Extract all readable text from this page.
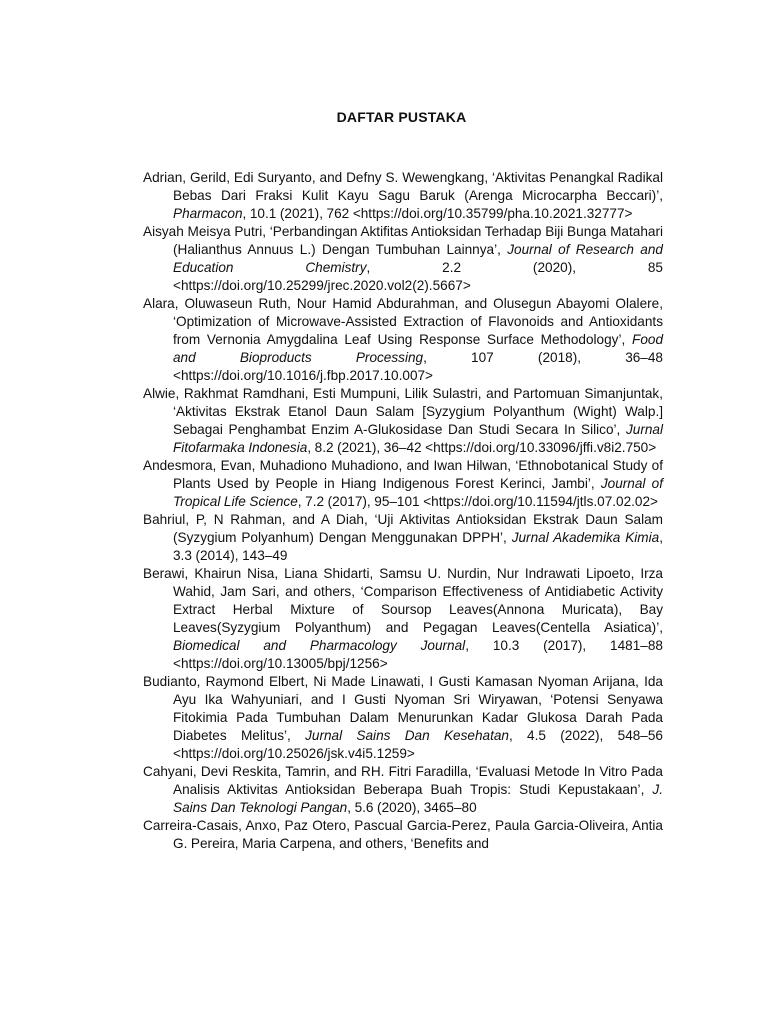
DAFTAR PUSTAKA

Adrian, Gerild, Edi Suryanto, and Defny S. Wewengkang, ‘Aktivitas Penangkal Radikal Bebas Dari Fraksi Kulit Kayu Sagu Baruk (Arenga Microcarpha Beccari)’, Pharmacon, 10.1 (2021), 762 <https://doi.org/10.35799/pha.10.2021.32777>

Aisyah Meisya Putri, ‘Perbandingan Aktifitas Antioksidan Terhadap Biji Bunga Matahari (Halianthus Annuus L.) Dengan Tumbuhan Lainnya’, Journal of Research and Education Chemistry, 2.2 (2020), 85 <https://doi.org/10.25299/jrec.2020.vol2(2).5667>

Alara, Oluwaseun Ruth, Nour Hamid Abdurahman, and Olusegun Abayomi Olalere, ‘Optimization of Microwave-Assisted Extraction of Flavonoids and Antioxidants from Vernonia Amygdalina Leaf Using Response Surface Methodology’, Food and Bioproducts Processing, 107 (2018), 36–48 <https://doi.org/10.1016/j.fbp.2017.10.007>

Alwie, Rakhmat Ramdhani, Esti Mumpuni, Lilik Sulastri, and Partomuan Simanjuntak, ‘Aktivitas Ekstrak Etanol Daun Salam [Syzygium Polyanthum (Wight) Walp.] Sebagai Penghambat Enzim A-Glukosidase Dan Studi Secara In Silico’, Jurnal Fitofarmaka Indonesia, 8.2 (2021), 36–42 <https://doi.org/10.33096/jffi.v8i2.750>

Andesmora, Evan, Muhadiono Muhadiono, and Iwan Hilwan, ‘Ethnobotanical Study of Plants Used by People in Hiang Indigenous Forest Kerinci, Jambi’, Journal of Tropical Life Science, 7.2 (2017), 95–101 <https://doi.org/10.11594/jtls.07.02.02>

Bahriul, P, N Rahman, and A Diah, ‘Uji Aktivitas Antioksidan Ekstrak Daun Salam (Syzygium Polyanhum) Dengan Menggunakan DPPH’, Jurnal Akademika Kimia, 3.3 (2014), 143–49

Berawi, Khairun Nisa, Liana Shidarti, Samsu U. Nurdin, Nur Indrawati Lipoeto, Irza Wahid, Jam Sari, and others, ‘Comparison Effectiveness of Antidiabetic Activity Extract Herbal Mixture of Soursop Leaves(Annona Muricata), Bay Leaves(Syzygium Polyanthum) and Pegagan Leaves(Centella Asiatica)’, Biomedical and Pharmacology Journal, 10.3 (2017), 1481–88 <https://doi.org/10.13005/bpj/1256>

Budianto, Raymond Elbert, Ni Made Linawati, I Gusti Kamasan Nyoman Arijana, Ida Ayu Ika Wahyuniari, and I Gusti Nyoman Sri Wiryawan, ‘Potensi Senyawa Fitokimia Pada Tumbuhan Dalam Menurunkan Kadar Glukosa Darah Pada Diabetes Melitus’, Jurnal Sains Dan Kesehatan, 4.5 (2022), 548–56 <https://doi.org/10.25026/jsk.v4i5.1259>

Cahyani, Devi Reskita, Tamrin, and RH. Fitri Faradilla, ‘Evaluasi Metode In Vitro Pada Analisis Aktivitas Antioksidan Beberapa Buah Tropis: Studi Kepustakaan’, J. Sains Dan Teknologi Pangan, 5.6 (2020), 3465–80

Carreira-Casais, Anxo, Paz Otero, Pascual Garcia-Perez, Paula Garcia-Oliveira, Antia G. Pereira, Maria Carpena, and others, ‘Benefits and
